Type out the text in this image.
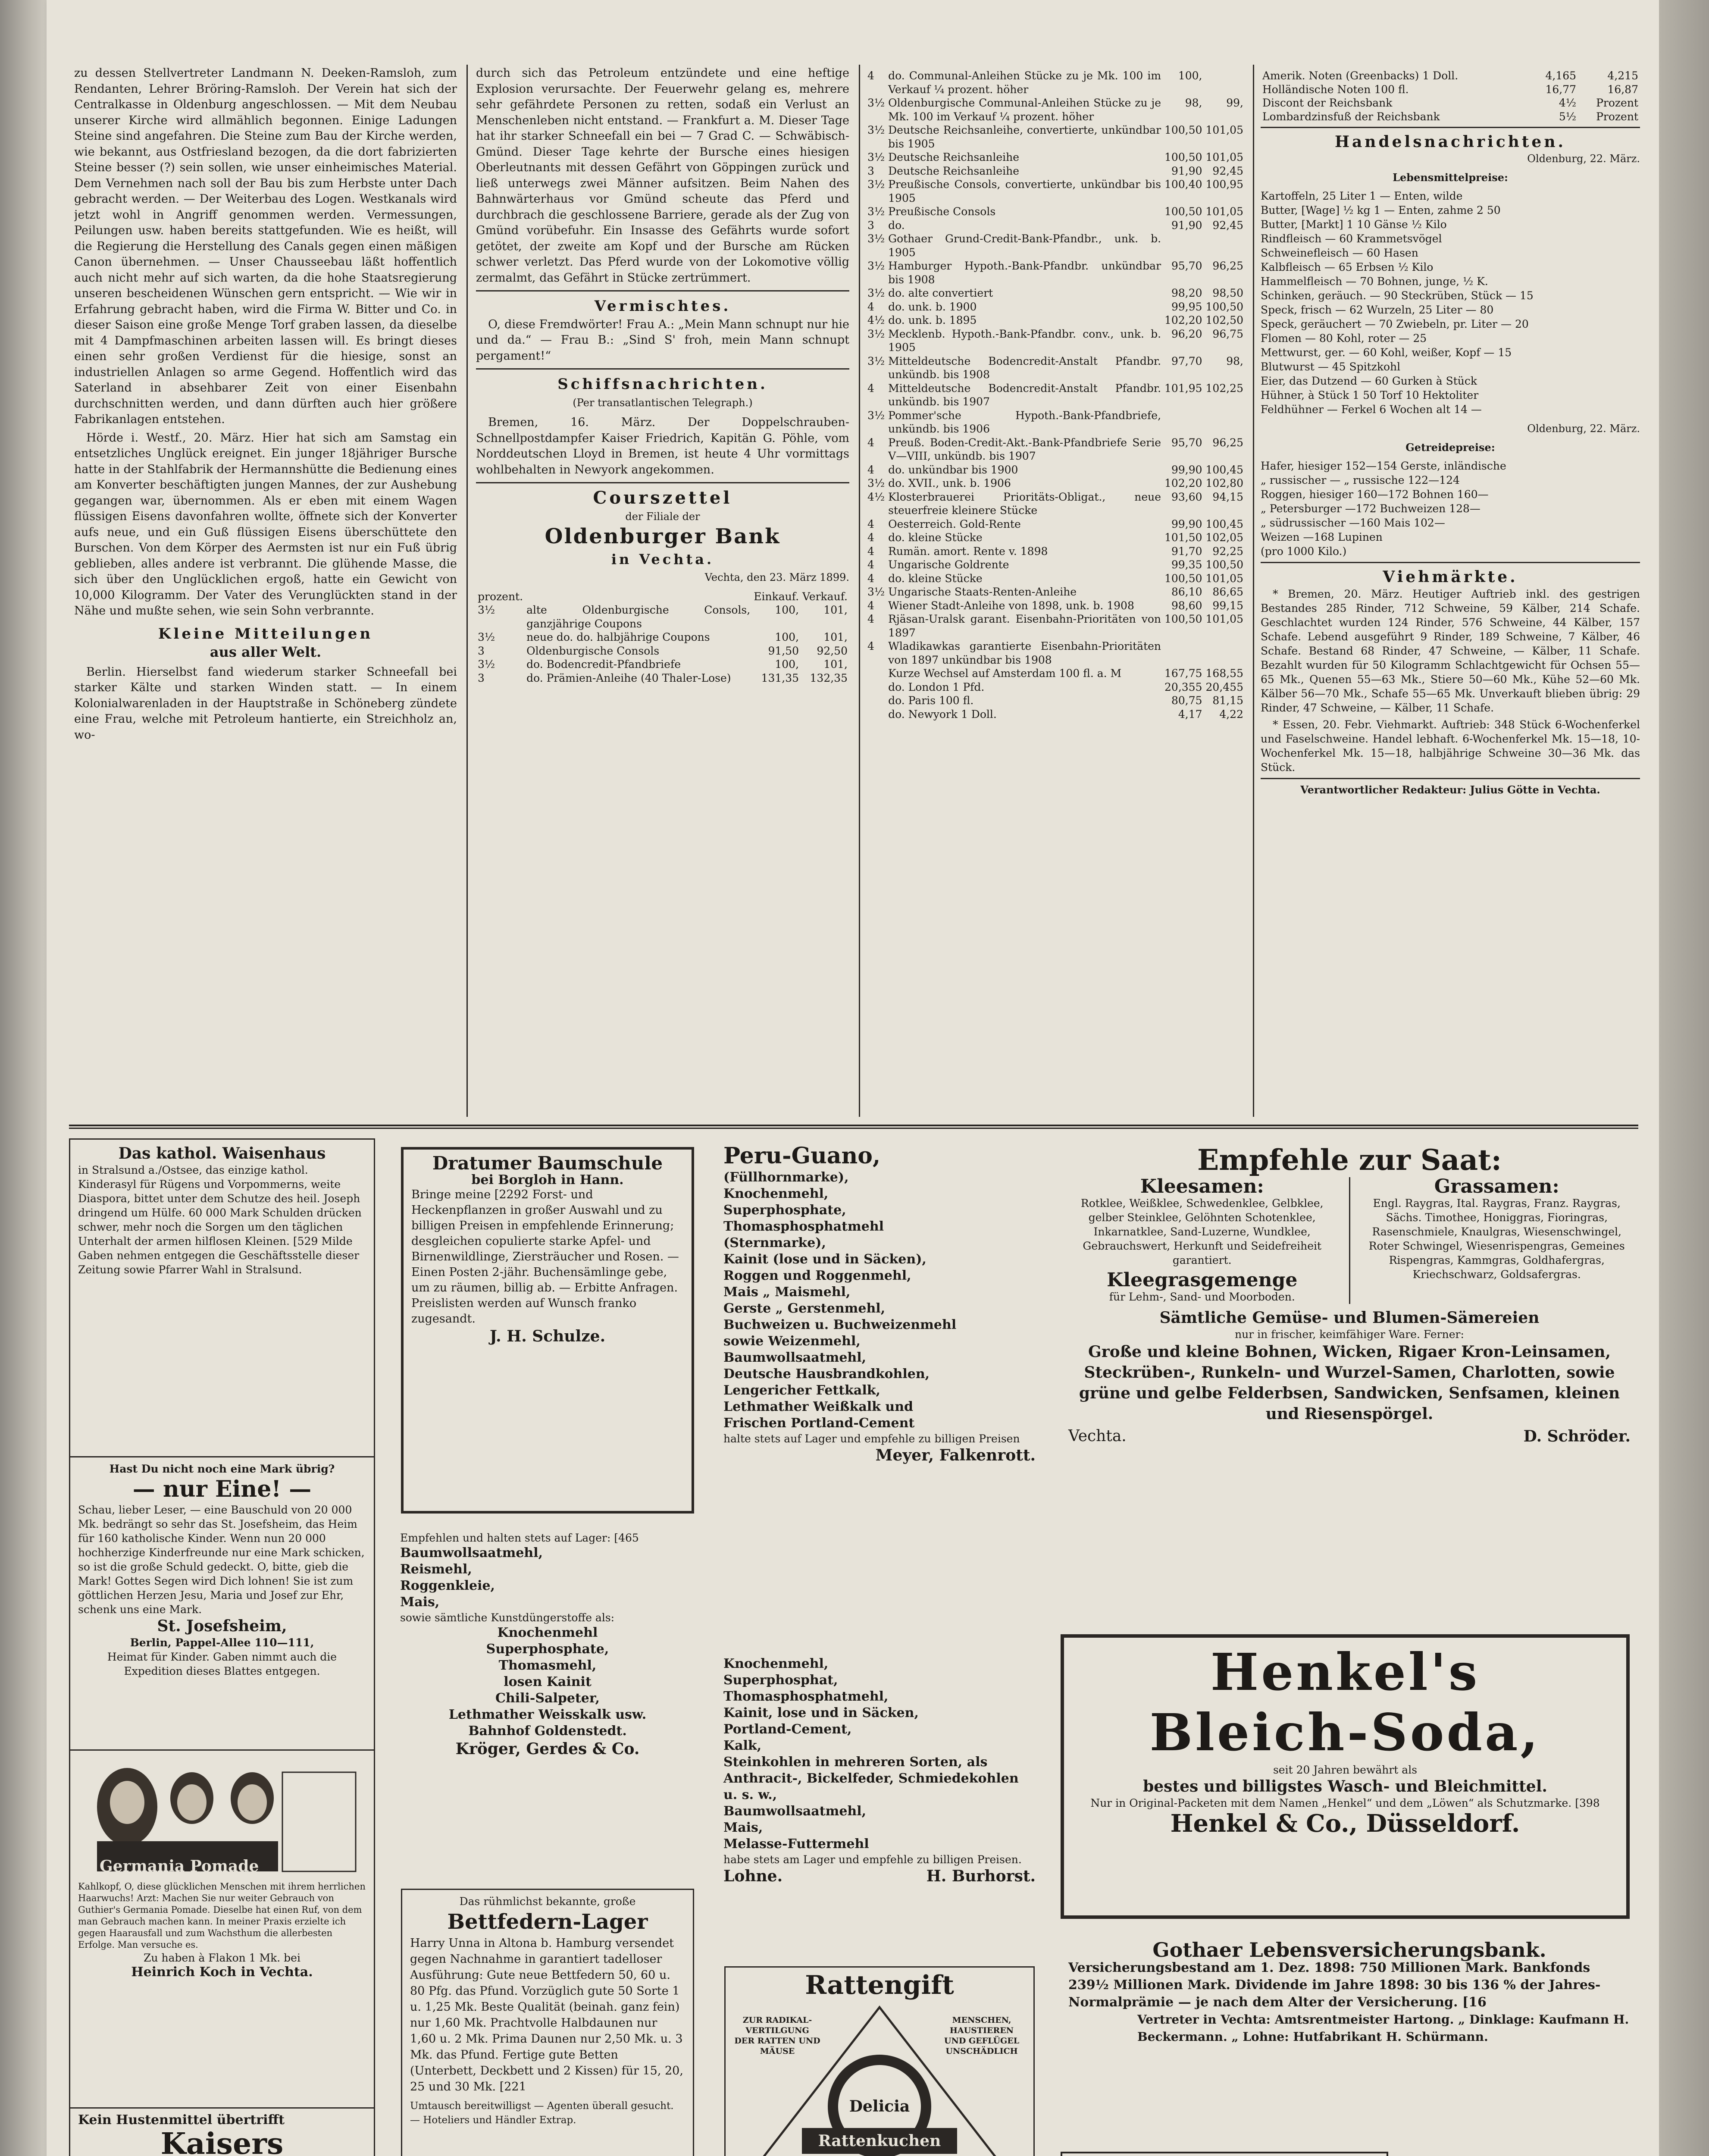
zu dessen Stellvertreter Landmann N. Deeken-Ramsloh, zum Rendanten, Lehrer Bröring-Ramsloh. Der Verein hat sich der Centralkasse in Oldenburg angeschlossen. — Mit dem Neubau unserer Kirche wird allmählich begonnen. Einige Ladungen Steine sind angefahren. Die Steine zum Bau der Kirche werden, wie bekannt, aus Ostfriesland bezogen, da die dort fabrizierten Steine besser (?) sein sollen, wie unser einheimisches Material. Dem Vernehmen nach soll der Bau bis zum Herbste unter Dach gebracht werden. — Der Weiterbau des Logen. Westkanals wird jetzt wohl in Angriff genommen werden. Vermessungen, Peilungen usw. haben bereits stattgefunden. Wie es heißt, will die Regierung die Herstellung des Canals gegen einen mäßigen Canon übernehmen. — Unser Chausseebau läßt hoffentlich auch nicht mehr auf sich warten, da die hohe Staatsregierung unseren bescheidenen Wünschen gern entspricht. — Wie wir in Erfahrung gebracht haben, wird die Firma W. Bitter und Co. in dieser Saison eine große Menge Torf graben lassen, da dieselbe mit 4 Dampfmaschinen arbeiten lassen will. Es bringt dieses einen sehr großen Verdienst für die hiesige, sonst an industriellen Anlagen so arme Gegend. Hoffentlich wird das Saterland in absehbarer Zeit von einer Eisenbahn durchschnitten werden, und dann dürften auch hier größere Fabrikanlagen entstehen.

Hörde i. Westf., 20. März. Hier hat sich am Samstag ein entsetzliches Unglück ereignet. Ein junger 18jähriger Bursche hatte in der Stahlfabrik der Hermannshütte die Bedienung eines am Konverter beschäftigten jungen Mannes, der zur Aushebung gegangen war, übernommen. Als er eben mit einem Wagen flüssigen Eisens davonfahren wollte, öffnete sich der Konverter aufs neue, und ein Guß flüssigen Eisens überschüttete den Burschen. Von dem Körper des Aermsten ist nur ein Fuß übrig geblieben, alles andere ist verbrannt. Die glühende Masse, die sich über den Unglücklichen ergoß, hatte ein Gewicht von 10,000 Kilogramm. Der Vater des Verunglückten stand in der Nähe und mußte sehen, wie sein Sohn verbrannte.

Kleine Mitteilungen
aus aller Welt.

Berlin. Hierselbst fand wiederum starker Schneefall bei starker Kälte und starken Winden statt. — In einem Kolonialwarenladen in der Hauptstraße in Schöneberg zündete eine Frau, welche mit Petroleum hantierte, ein Streichholz an, wo-

durch sich das Petroleum entzündete und eine heftige Explosion verursachte. Der Feuerwehr gelang es, mehrere sehr gefährdete Personen zu retten, sodaß ein Verlust an Menschenleben nicht entstand. — Frankfurt a. M. Dieser Tage hat ihr starker Schneefall ein bei — 7 Grad C. — Schwäbisch-Gmünd. Dieser Tage kehrte der Bursche eines hiesigen Oberleutnants mit dessen Gefährt von Göppingen zurück und ließ unterwegs zwei Männer aufsitzen. Beim Nahen des Bahnwärterhaus vor Gmünd scheute das Pferd und durchbrach die geschlossene Barriere, gerade als der Zug von Gmünd vorübefuhr. Ein Insasse des Gefährts wurde sofort getötet, der zweite am Kopf und der Bursche am Rücken schwer verletzt. Das Pferd wurde von der Lokomotive völlig zermalmt, das Gefährt in Stücke zertrümmert.

Vermischtes.

O, diese Fremdwörter! Frau A.: „Mein Mann schnupt nur hie und da.“ — Frau B.: „Sind S' froh, mein Mann schnupt pergament!“

Schiffsnachrichten.
(Per transatlantischen Telegraph.)

Bremen, 16. März. Der Doppelschrauben-Schnellpostdampfer Kaiser Friedrich, Kapitän G. Pöhle, vom Norddeutschen Lloyd in Bremen, ist heute 4 Uhr vormittags wohlbehalten in Newyork angekommen.

Courszettel
der Filiale der
Oldenburger Bank
in Vechta.
Vechta, den 23. März 1899.
prozent.		Einkauf.	Verkauf.
3½	alte Oldenburgische Consols, ganzjährige Coupons	100,	101,
3½	neue do. do. halbjährige Coupons	100,	101,
3	Oldenburgische Consols	91,50	92,50
3½	do. Bodencredit-Pfandbriefe	100,	101,
3	do. Prämien-Anleihe (40 Thaler-Lose)	131,35	132,35
4	do. Communal-Anleihen Stücke zu je Mk. 100 im Verkauf ¼ prozent. höher	100,	
3½	Oldenburgische Communal-Anleihen Stücke zu je Mk. 100 im Verkauf ¼ prozent. höher	98,	99,
3½	Deutsche Reichsanleihe, convertierte, unkündbar bis 1905	100,50	101,05
3½	Deutsche Reichsanleihe	100,50	101,05
3	Deutsche Reichsanleihe	91,90	92,45
3½	Preußische Consols, convertierte, unkündbar bis 1905	100,40	100,95
3½	Preußische Consols	100,50	101,05
3	do.	91,90	92,45
3½	Gothaer Grund-Credit-Bank-Pfandbr., unk. b. 1905		
3½	Hamburger Hypoth.-Bank-Pfandbr. unkündbar bis 1908	95,70	96,25
3½	do. alte convertiert	98,20	98,50
4	do. unk. b. 1900	99,95	100,50
4½	do. unk. b. 1895	102,20	102,50
3½	Mecklenb. Hypoth.-Bank-Pfandbr. conv., unk. b. 1905	96,20	96,75
3½	Mitteldeutsche Bodencredit-Anstalt Pfandbr. unkündb. bis 1908	97,70	98,
4	Mitteldeutsche Bodencredit-Anstalt Pfandbr. unkündb. bis 1907	101,95	102,25
3½	Pommer'sche Hypoth.-Bank-Pfandbriefe, unkündb. bis 1906		
4	Preuß. Boden-Credit-Akt.-Bank-Pfandbriefe Serie V—VIII, unkündb. bis 1907	95,70	96,25
4	do. unkündbar bis 1900	99,90	100,45
3½	do. XVII., unk. b. 1906	102,20	102,80
4½	Klosterbrauerei Prioritäts-Obligat., neue steuerfreie kleinere Stücke	93,60	94,15
4	Oesterreich. Gold-Rente	99,90	100,45
4	do. kleine Stücke	101,50	102,05
4	Rumän. amort. Rente v. 1898	91,70	92,25
4	Ungarische Goldrente	99,35	100,50
4	do. kleine Stücke	100,50	101,05
3½	Ungarische Staats-Renten-Anleihe	86,10	86,65
4	Wiener Stadt-Anleihe von 1898, unk. b. 1908	98,60	99,15
4	Rjäsan-Uralsk garant. Eisenbahn-Prioritäten von 1897	100,50	101,05
4	Wladikawkas garantierte Eisenbahn-Prioritäten von 1897 unkündbar bis 1908		
	Kurze Wechsel auf Amsterdam 100 fl. a. M	167,75	168,55
	do. London 1 Pfd.	20,355	20,455
	do. Paris 100 fl.	80,75	81,15
	do. Newyork 1 Doll.	4,17	4,22
Amerik. Noten (Greenbacks) 1 Doll.	4,165	4,215
Holländische Noten 100 fl.	16,77	16,87
Discont der Reichsbank	4½	Prozent
Lombardzinsfuß der Reichsbank	5½	Prozent
Handelsnachrichten.
Oldenburg, 22. März.
Lebensmittelpreise:
Kartoffeln, 25 Liter 1 — Enten, wilde
Butter, [Wage] ½ kg 1 — Enten, zahme 2 50
Butter, [Markt] 1 10 Gänse ½ Kilo
Rindfleisch — 60 Krammetsvögel
Schweinefleisch — 60 Hasen
Kalbfleisch — 65 Erbsen ½ Kilo
Hammelfleisch — 70 Bohnen, junge, ½ K.
Schinken, geräuch. — 90 Steckrüben, Stück — 15
Speck, frisch — 62 Wurzeln, 25 Liter — 80
Speck, geräuchert — 70 Zwiebeln, pr. Liter — 20
Flomen — 80 Kohl, roter — 25
Mettwurst, ger. — 60 Kohl, weißer, Kopf — 15
Blutwurst — 45 Spitzkohl
Eier, das Dutzend — 60 Gurken à Stück
Hühner, à Stück 1 50 Torf 10 Hektoliter
Feldhühner — Ferkel 6 Wochen alt 14 —
Oldenburg, 22. März.
Getreidepreise:
Hafer, hiesiger 152—154 Gerste, inländische
„ russischer — „ russische 122—124
Roggen, hiesiger 160—172 Bohnen 160—
„ Petersburger —172 Buchweizen 128—
„ südrussischer —160 Mais 102—
Weizen —168 Lupinen
(pro 1000 Kilo.)
Viehmärkte.

* Bremen, 20. März. Heutiger Auftrieb inkl. des gestrigen Bestandes 285 Rinder, 712 Schweine, 59 Kälber, 214 Schafe. Geschlachtet wurden 124 Rinder, 576 Schweine, 44 Kälber, 157 Schafe. Lebend ausgeführt 9 Rinder, 189 Schweine, 7 Kälber, 46 Schafe. Bestand 68 Rinder, 47 Schweine, — Kälber, 11 Schafe. Bezahlt wurden für 50 Kilogramm Schlachtgewicht für Ochsen 55—65 Mk., Quenen 55—63 Mk., Stiere 50—60 Mk., Kühe 52—60 Mk. Kälber 56—70 Mk., Schafe 55—65 Mk. Unverkauft blieben übrig: 29 Rinder, 47 Schweine, — Kälber, 11 Schafe.

* Essen, 20. Febr. Viehmarkt. Auftrieb: 348 Stück 6-Wochenferkel und Faselschweine. Handel lebhaft. 6-Wochenferkel Mk. 15—18, 10-Wochenferkel Mk. 15—18, halbjährige Schweine 30—36 Mk. das Stück.

Verantwortlicher Redakteur: Julius Götte in Vechta.
Das kathol. Waisenhaus
in Stralsund a./Ostsee, das einzige kathol. Kinderasyl für Rügens und Vorpommerns, weite Diaspora, bittet unter dem Schutze des heil. Joseph dringend um Hülfe. 60 000 Mark Schulden drücken schwer, mehr noch die Sorgen um den täglichen Unterhalt der armen hilflosen Kleinen. [529 Milde Gaben nehmen entgegen die Geschäftsstelle dieser Zeitung sowie Pfarrer Wahl in Stralsund.
Hast Du nicht noch eine Mark übrig?
— nur Eine! —
Schau, lieber Leser, — eine Bauschuld von 20 000 Mk. bedrängt so sehr das St. Josefsheim, das Heim für 160 katholische Kinder. Wenn nun 20 000 hochherzige Kinderfreunde nur eine Mark schicken, so ist die große Schuld gedeckt. O, bitte, gieb die Mark! Gottes Segen wird Dich lohnen! Sie ist zum göttlichen Herzen Jesu, Maria und Josef zur Ehr, schenk uns eine Mark.
St. Josefsheim,
Berlin, Pappel-Allee 110—111,
Heimat für Kinder. Gaben nimmt auch die Expedition dieses Blattes entgegen.
Germania Pomade
Kahlkopf, O, diese glücklichen Menschen mit ihrem herrlichen Haarwuchs! Arzt: Machen Sie nur weiter Gebrauch von Guthier's Germania Pomade. Dieselbe hat einen Ruf, von dem man Gebrauch machen kann. In meiner Praxis erzielte ich gegen Haarausfall und zum Wachsthum die allerbesten Erfolge. Man versuche es.
Zu haben à Flakon 1 Mk. bei
Heinrich Koch in Vechta.
Kein Hustenmittel übertrifft
Kaisers
Dratumer Baumschule
bei Borgloh in Hann.
Bringe meine [2292 Forst- und Heckenpflanzen in großer Auswahl und zu billigen Preisen in empfehlende Erinnerung; desgleichen copulierte starke Apfel- und Birnenwildlinge, Ziersträucher und Rosen. — Einen Posten 2-jähr. Buchensämlinge gebe, um zu räumen, billig ab. — Erbitte Anfragen. Preislisten werden auf Wunsch franko zugesandt.
J. H. Schulze.
Empfehlen und halten stets auf Lager: [465
Baumwollsaatmehl,
Reismehl,
Roggenkleie,
Mais,
sowie sämtliche Kunstdüngerstoffe als:
Knochenmehl
Superphosphate,
Thomasmehl,
losen Kainit
Chili-Salpeter,
Lethmather Weisskalk usw.
Bahnhof Goldenstedt.
Kröger, Gerdes & Co.
Das rühmlichst bekannte, große
Bettfedern-Lager
Harry Unna in Altona b. Hamburg versendet gegen Nachnahme in garantiert tadelloser Ausführung: Gute neue Bettfedern 50, 60 u. 80 Pfg. das Pfund. Vorzüglich gute 50 Sorte 1 u. 1,25 Mk. Beste Qualität (beinah. ganz fein) nur 1,60 Mk. Prachtvolle Halbdaunen nur 1,60 u. 2 Mk. Prima Daunen nur 2,50 Mk. u. 3 Mk. das Pfund. Fertige gute Betten (Unterbett, Deckbett und 2 Kissen) für 15, 20, 25 und 30 Mk. [221
Umtausch bereitwilligst — Agenten überall gesucht. — Hoteliers und Händler Extrap.
Peru-Guano,
(Füllhornmarke),
Knochenmehl,
Superphosphate,
Thomasphosphatmehl
(Sternmarke),
Kainit (lose und in Säcken),
Roggen und Roggenmehl,
Mais „ Maismehl,
Gerste „ Gerstenmehl,
Buchweizen u. Buchweizenmehl
sowie Weizenmehl,
Baumwollsaatmehl,
Deutsche Hausbrandkohlen,
Lengericher Fettkalk,
Lethmather Weißkalk und
Frischen Portland-Cement
halte stets auf Lager und empfehle zu billigen Preisen
Meyer, Falkenrott.
Knochenmehl,
Superphosphat,
Thomasphosphatmehl,
Kainit, lose und in Säcken,
Portland-Cement,
Kalk,
Steinkohlen in mehreren Sorten, als Anthracit-, Bickelfeder, Schmiedekohlen u. s. w.,
Baumwollsaatmehl,
Mais,
Melasse-Futtermehl
habe stets am Lager und empfehle zu billigen Preisen.
Lohne.	H. Burhorst.
Rattengift
ZUR RADIKAL-VERTILGUNG DER RATTEN UND MÄUSE
MENSCHEN, HAUSTIEREN UND GEFLÜGEL UNSCHÄDLICH
Delicia
Rattenkuchen
Empfehle zur Saat:
Kleesamen:
Rotklee, Weißklee, Schwedenklee, Gelbklee, gelber Steinklee, Gelöhnten Schotenklee, Inkarnatklee, Sand-Luzerne, Wundklee, Gebrauchswert, Herkunft und Seidefreiheit garantiert.
Kleegrasgemenge
für Lehm-, Sand- und Moorboden.
Grassamen:
Engl. Raygras, Ital. Raygras, Franz. Raygras, Sächs. Timothee, Honiggras, Fioringras, Rasenschmiele, Knaulgras, Wiesenschwingel, Roter Schwingel, Wiesenrispengras, Gemeines Rispengras, Kammgras, Goldhafergras, Kriechschwarz, Goldsafergras.
Sämtliche Gemüse- und Blumen-Sämereien
nur in frischer, keimfähiger Ware. Ferner:
Große und kleine Bohnen, Wicken, Rigaer Kron-Leinsamen, Steckrüben-, Runkeln- und Wurzel-Samen, Charlotten, sowie grüne und gelbe Felderbsen, Sandwicken, Senfsamen, kleinen und Riesenspörgel.
Vechta.	D. Schröder.
Henkel's
Bleich-Soda,
seit 20 Jahren bewährt als
bestes und billigstes Wasch- und Bleichmittel.
Nur in Original-Packeten mit dem Namen „Henkel“ und dem „Löwen“ als Schutzmarke. [398
Henkel & Co., Düsseldorf.
Gothaer Lebensversicherungsbank.
Versicherungsbestand am 1. Dez. 1898: 750 Millionen Mark. Bankfonds 239½ Millionen Mark. Dividende im Jahre 1898: 30 bis 136 % der Jahres-Normalprämie — je nach dem Alter der Versicherung. [16
Vertreter in Vechta: Amtsrentmeister Hartong. „ Dinklage: Kaufmann H. Beckermann. „ Lohne: Hutfabrikant H. Schürmann.
